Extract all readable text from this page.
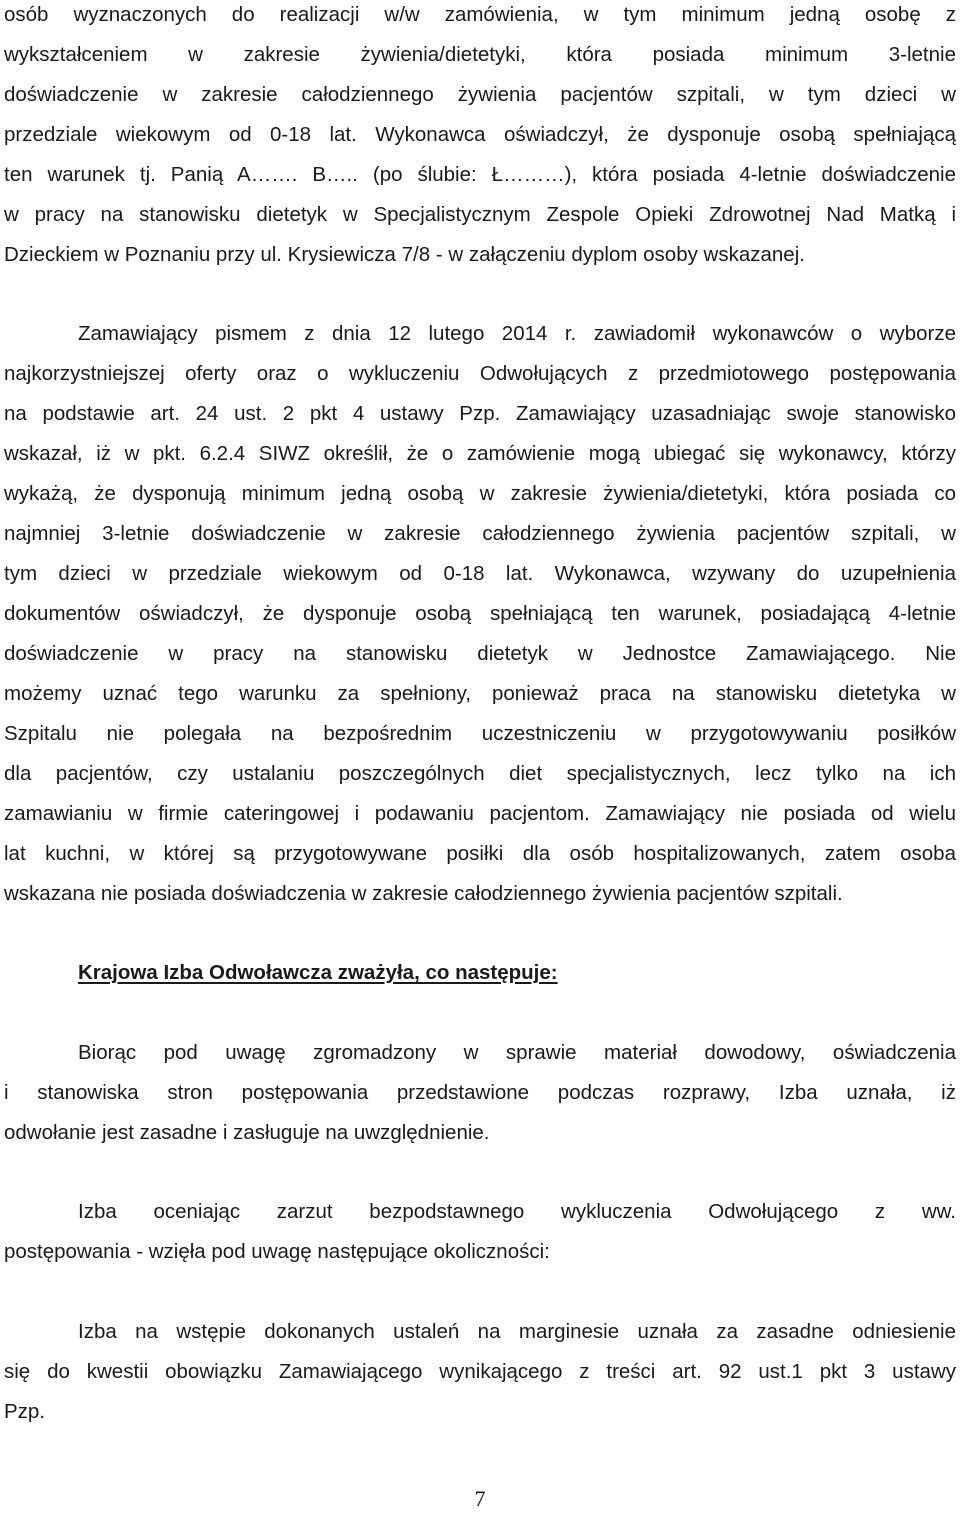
osób wyznaczonych do realizacji w/w zamówienia, w tym minimum jedną osobę z

wykształceniem w zakresie żywienia/dietetyki, która posiada minimum 3-letnie

doświadczenie w zakresie całodziennego żywienia pacjentów szpitali, w tym dzieci w

przedziale wiekowym od 0-18 lat. Wykonawca oświadczył, że dysponuje osobą spełniającą

ten warunek tj. Panią A……. B….. (po ślubie: Ł………), która posiada 4-letnie doświadczenie

w pracy na stanowisku dietetyk w Specjalistycznym Zespole Opieki Zdrowotnej Nad Matką i

Dzieckiem w Poznaniu przy ul. Krysiewicza 7/8 - w załączeniu dyplom osoby wskazanej.

Zamawiający pismem z dnia 12 lutego 2014 r. zawiadomił wykonawców o wyborze

najkorzystniejszej oferty oraz o wykluczeniu Odwołujących z przedmiotowego postępowania

na podstawie art. 24 ust. 2 pkt 4 ustawy Pzp. Zamawiający uzasadniając swoje stanowisko

wskazał, iż w pkt. 6.2.4 SIWZ określił, że o zamówienie mogą ubiegać się wykonawcy, którzy

wykażą, że dysponują minimum jedną osobą w zakresie żywienia/dietetyki, która posiada co

najmniej 3-letnie doświadczenie w zakresie całodziennego żywienia pacjentów szpitali, w

tym dzieci w przedziale wiekowym od 0-18 lat. Wykonawca, wzywany do uzupełnienia

dokumentów oświadczył, że dysponuje osobą spełniającą ten warunek, posiadającą 4-letnie

doświadczenie w pracy na stanowisku dietetyk w Jednostce Zamawiającego. Nie

możemy uznać tego warunku za spełniony, ponieważ praca na stanowisku dietetyka w

Szpitalu nie polegała na bezpośrednim uczestniczeniu w przygotowywaniu posiłków

dla pacjentów, czy ustalaniu poszczególnych diet specjalistycznych, lecz tylko na ich

zamawianiu w firmie cateringowej i podawaniu pacjentom. Zamawiający nie posiada od wielu

lat kuchni, w której są przygotowywane posiłki dla osób hospitalizowanych, zatem osoba

wskazana nie posiada doświadczenia w zakresie całodziennego żywienia pacjentów szpitali.

Krajowa Izba Odwoławcza zważyła, co następuje:

Biorąc pod uwagę zgromadzony w sprawie materiał dowodowy, oświadczenia

i stanowiska stron postępowania przedstawione podczas rozprawy, Izba uznała, iż

odwołanie jest zasadne i zasługuje na uwzględnienie.

Izba oceniając zarzut bezpodstawnego wykluczenia Odwołującego z ww.

postępowania - wzięła pod uwagę następujące okoliczności:

Izba na wstępie dokonanych ustaleń na marginesie uznała za zasadne odniesienie

się do kwestii obowiązku Zamawiającego wynikającego z treści art. 92 ust.1 pkt 3 ustawy

Pzp.

7
